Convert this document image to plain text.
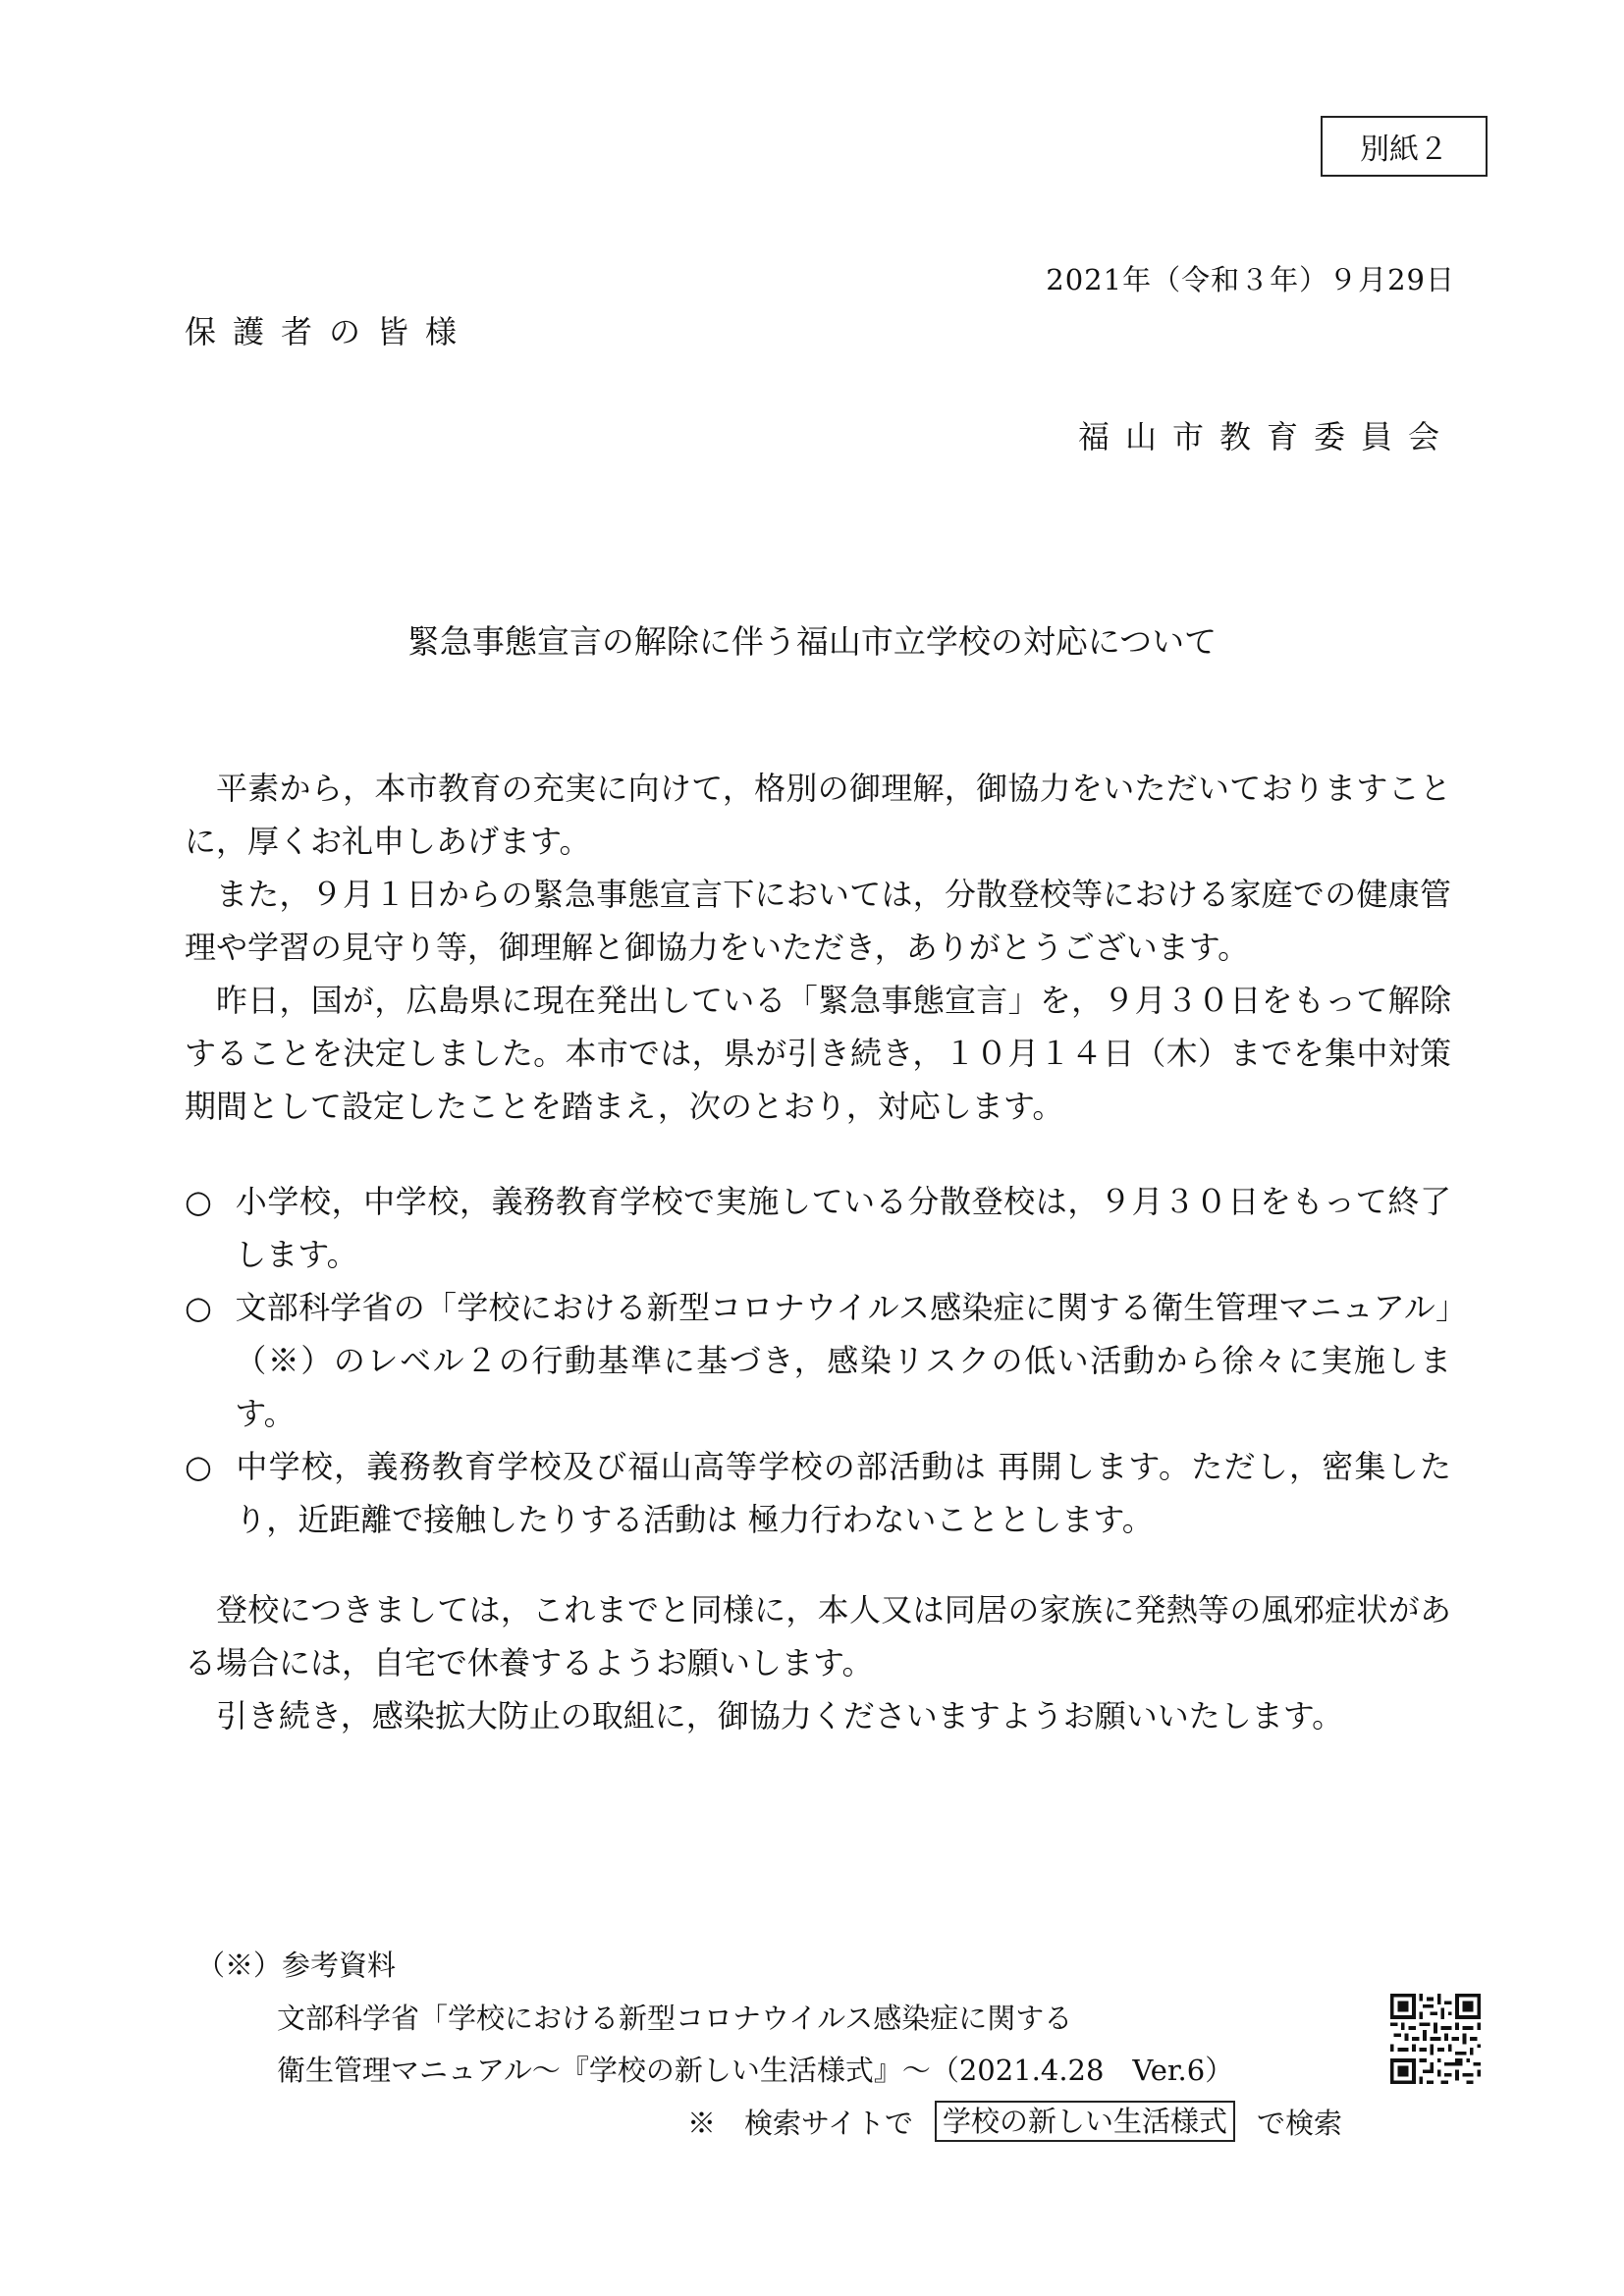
別紙２
2021年（令和３年）９月29日
保護者の皆様
福山市教育委員会
緊急事態宣言の解除に伴う福山市立学校の対応について
平素から，本市教育の充実に向けて，格別の御理解，御協力をいただいておりますことに，厚くお礼申しあげます。
また，９月１日からの緊急事態宣言下においては，分散登校等における家庭での健康管理や学習の見守り等，御理解と御協力をいただき，ありがとうございます。
昨日，国が，広島県に現在発出している「緊急事態宣言」を，９月３０日をもって解除することを決定しました。本市では，県が引き続き，１０月１４日（木）までを集中対策期間として設定したことを踏まえ，次のとおり，対応します。
○ 小学校，中学校，義務教育学校で実施している分散登校は，９月３０日をもって終了します。
○ 文部科学省の「学校における新型コロナウイルス感染症に関する衛生管理マニュアル」（※）のレベル２の行動基準に基づき，感染リスクの低い活動から徐々に実施します。
○ 中学校，義務教育学校及び福山高等学校の部活動は 再開します。ただし，密集したり，近距離で接触したりする活動は 極力行わないこととします。
登校につきましては，これまでと同様に，本人又は同居の家族に発熱等の風邪症状がある場合には，自宅で休養するようお願いします。
引き続き，感染拡大防止の取組に，御協力くださいますようお願いいたします。
（※）参考資料
文部科学省「学校における新型コロナウイルス感染症に関する
衛生管理マニュアル～『学校の新しい生活様式』～（2021.4.28　Ver.6）
※　検索サイトで 学校の新しい生活様式 で検索
